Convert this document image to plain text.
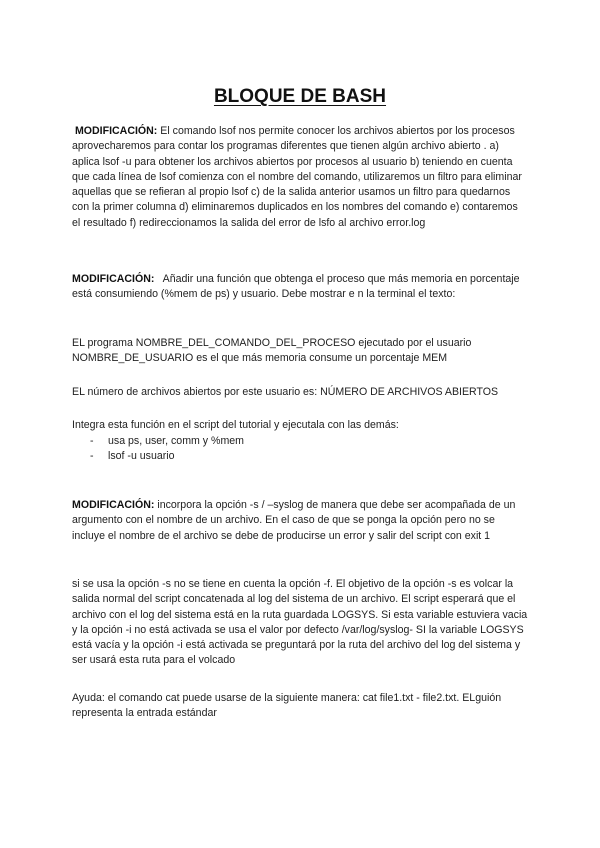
BLOQUE DE BASH

MODIFICACIÓN: El comando lsof nos permite conocer los archivos abiertos por los procesos aprovecharemos para contar los programas diferentes que tienen algún archivo abierto . a) aplica lsof -u para obtener los archivos abiertos por procesos al usuario b) teniendo en cuenta que cada línea de lsof comienza con el nombre del comando, utilizaremos un filtro para eliminar aquellas que se refieran al propio lsof c) de la salida anterior usamos un filtro para quedarnos con la primer columna d) eliminaremos duplicados en los nombres del comando e) contaremos el resultado f) redireccionamos la salida del error de lsfo al archivo error.log

MODIFICACIÓN: Añadir una función que obtenga el proceso que más memoria en porcentaje está consumiendo (%mem de ps) y usuario. Debe mostrar e n la terminal el texto:

EL programa NOMBRE_DEL_COMANDO_DEL_PROCESO ejecutado por el usuario NOMBRE_DE_USUARIO es el que más memoria consume un porcentaje MEM

EL número de archivos abiertos por este usuario es: NÚMERO DE ARCHIVOS ABIERTOS

Integra esta función en el script del tutorial y ejecutala con las demás:

- usa ps, user, comm y %mem
- lsof -u usuario

MODIFICACIÓN: incorpora la opción -s / –syslog de manera que debe ser acompañada de un argumento con el nombre de un archivo. En el caso de que se ponga la opción pero no se incluye el nombre de el archivo se debe de producirse un error y salir del script con exit 1

si se usa la opción -s no se tiene en cuenta la opción -f. El objetivo de la opción -s es volcar la salida normal del script concatenada al log del sistema de un archivo. El script esperará que el archivo con el log del sistema está en la ruta guardada LOGSYS. Si esta variable estuviera vacia y la opción -i no está activada se usa el valor por defecto /var/log/syslog- SI la variable LOGSYS está vacía y la opción -i está activada se preguntará por la ruta del archivo del log del sistema y ser usará esta ruta para el volcado

Ayuda: el comando cat puede usarse de la siguiente manera: cat file1.txt - file2.txt. ELguión representa la entrada estándar
